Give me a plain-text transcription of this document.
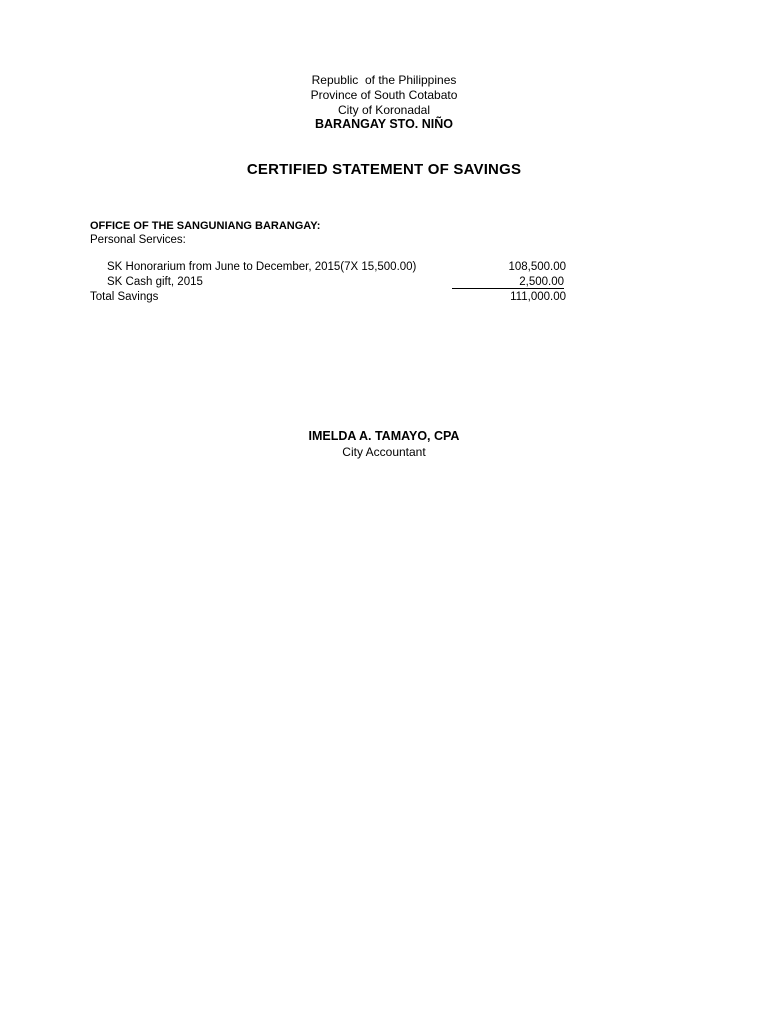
Republic  of the Philippines
Province of South Cotabato
City of Koronadal
BARANGAY STO. NIÑO
CERTIFIED STATEMENT OF SAVINGS
OFFICE OF THE SANGUNIANG BARANGAY:
Personal Services:
SK Honorarium from June to December, 2015(7X 15,500.00)	108,500.00
SK Cash gift, 2015	2,500.00
Total Savings	111,000.00
IMELDA A. TAMAYO, CPA
City Accountant
